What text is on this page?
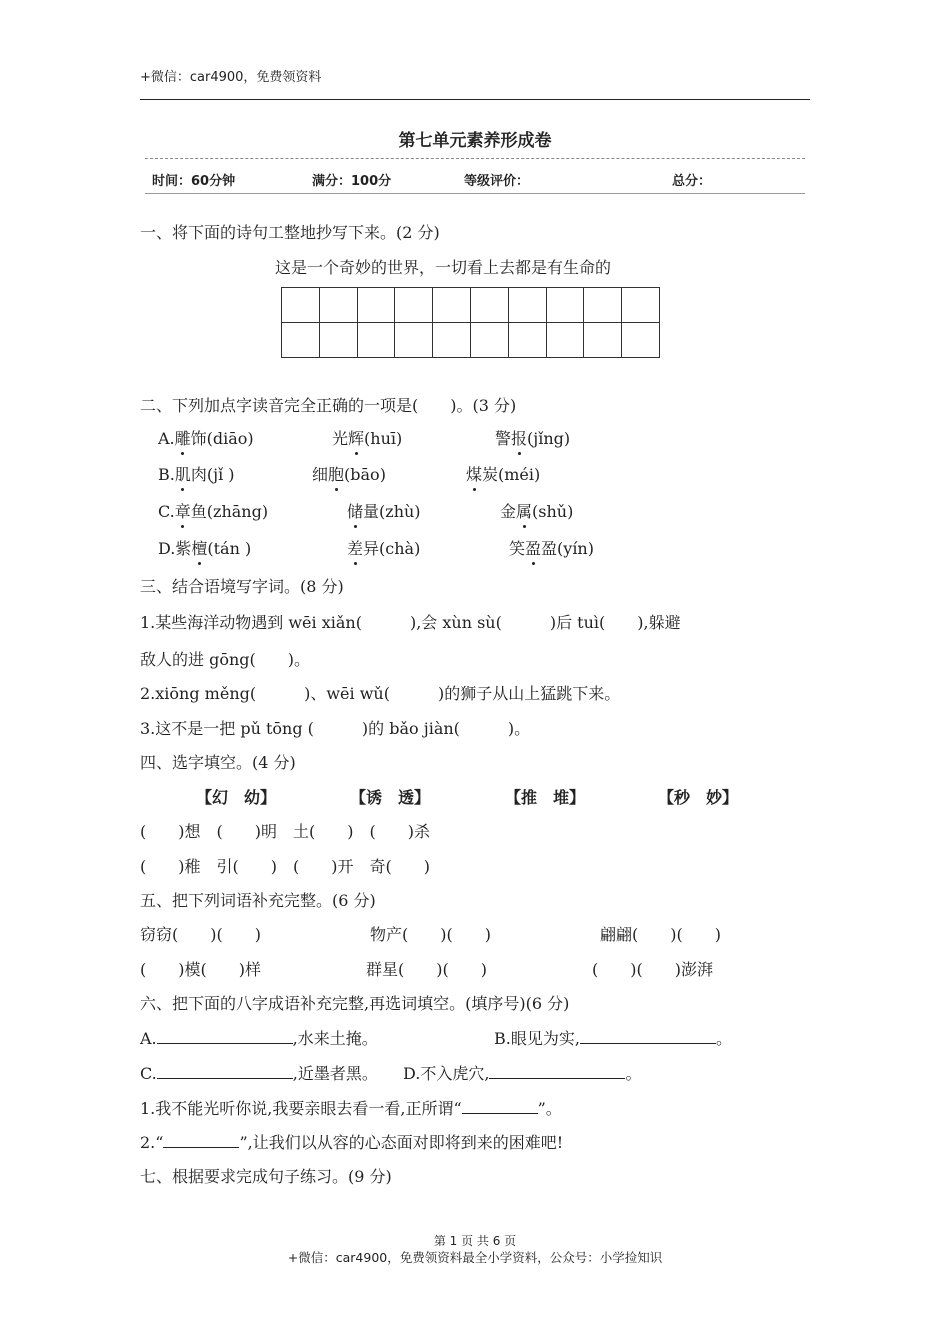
+微信：car4900，免费领资料
第七单元素养形成卷
时间：60分钟	满分：100分	等级评价：	总分：
一、将下面的诗句工整地抄写下来。(2 分)
这是一个奇妙的世界，一切看上去都是有生命的

二、下列加点字读音完全正确的一项是(　　)。(3 分)
A.雕饰(diāo)	光辉(huī)	警报(jǐng)
B.肌肉(jǐ )	细胞(bāo)	煤炭(méi)
C.章鱼(zhāng)	储量(zhù)	金属(shǔ)
D.紫檀(tán )	差异(chà)	笑盈盈(yín)
三、结合语境写字词。(8 分)
1.某些海洋动物遇到 wēi xiǎn(　　　),会 xùn sù(　　　)后 tuì(　　),躲避
敌人的进 gōng(　　)。
2.xiōng měng(　　　)、wēi wǔ(　　　)的狮子从山上猛跳下来。
3.这不是一把 pǔ tōng (　　　)的 bǎo jiàn(　　　)。
四、选字填空。(4 分)
【幻　幼】	【诱　透】	【推　堆】	【秒　妙】
(　　)想　(　　)明　土(　　)　(　　)杀
(　　)稚　引(　　)　(　　)开　奇(　　)
五、把下列词语补充完整。(6 分)
窃窃(　　)(　　)	物产(　　)(　　)	翩翩(　　)(　　)
(　　)模(　　)样	群星(　　)(　　)	(　　)(　　)澎湃
六、把下面的八字成语补充完整,再选词填空。(填序号)(6 分)
A.	,水来土掩。	B.眼见为实,	。
C.	,近墨者黑。 D.不入虎穴,	。
1.我不能光听你说,我要亲眼去看一看,正所谓“	”。
2.“	”,让我们以从容的心态面对即将到来的困难吧!
七、根据要求完成句子练习。(9 分)
第 1 页 共 6 页
+微信：car4900，免费领资料最全小学资料，公众号：小学捡知识
